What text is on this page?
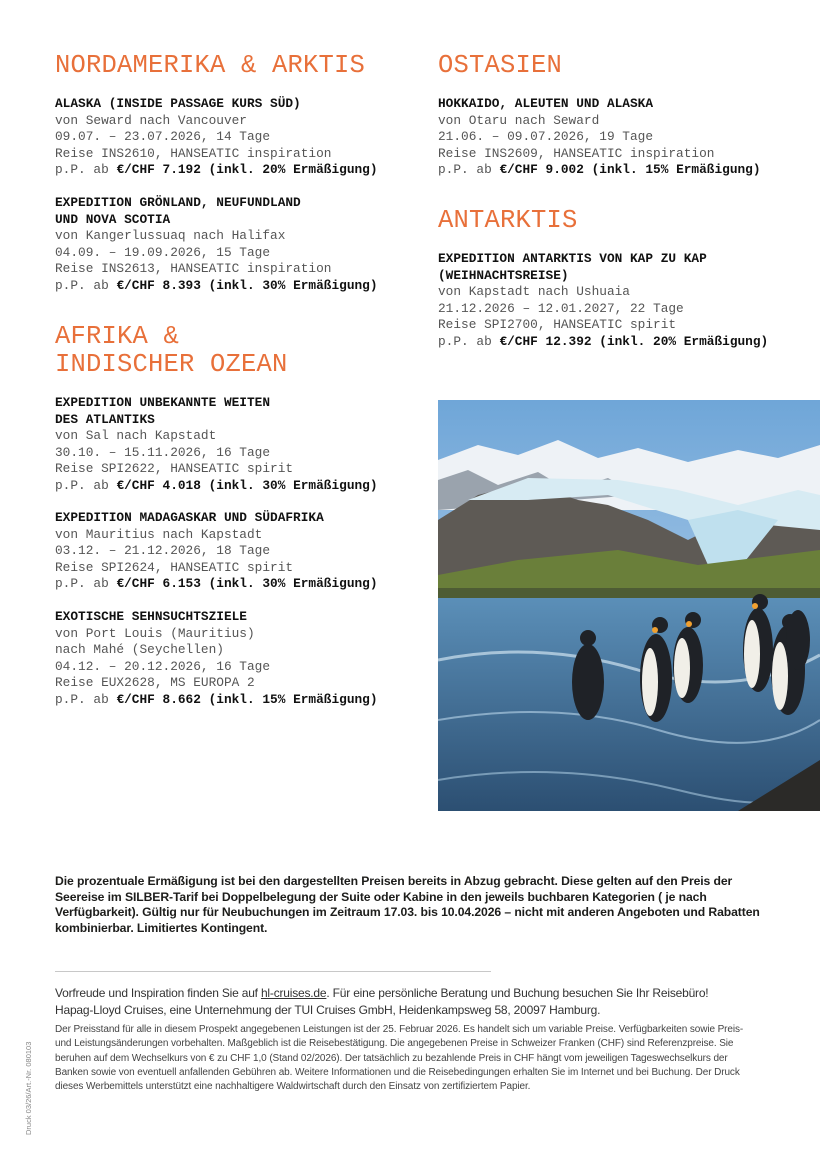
NORDAMERIKA & ARKTIS
AFRIKA &
INDISCHER OZEAN
OSTASIEN
ANTARKTIS
ALASKA (INSIDE PASSAGE KURS SÜD)
von Seward nach Vancouver
09.07. – 23.07.2026, 14 Tage
Reise INS2610, HANSEATIC inspiration
p.P. ab €/CHF 7.192 (inkl. 20% Ermäßigung)
EXPEDITION GRÖNLAND, NEUFUNDLAND
UND NOVA SCOTIA
von Kangerlussuaq nach Halifax
04.09. – 19.09.2026, 15 Tage
Reise INS2613, HANSEATIC inspiration
p.P. ab €/CHF 8.393 (inkl. 30% Ermäßigung)
EXPEDITION UNBEKANNTE WEITEN
DES ATLANTIKS
von Sal nach Kapstadt
30.10. – 15.11.2026, 16 Tage
Reise SPI2622, HANSEATIC spirit
p.P. ab €/CHF 4.018 (inkl. 30% Ermäßigung)
EXPEDITION MADAGASKAR UND SÜDAFRIKA
von Mauritius nach Kapstadt
03.12. – 21.12.2026, 18 Tage
Reise SPI2624, HANSEATIC spirit
p.P. ab €/CHF 6.153 (inkl. 30% Ermäßigung)
EXOTISCHE SEHNSUCHTSZIELE
von Port Louis (Mauritius)
nach Mahé (Seychellen)
04.12. – 20.12.2026, 16 Tage
Reise EUX2628, MS EUROPA 2
p.P. ab €/CHF 8.662 (inkl. 15% Ermäßigung)
HOKKAIDO, ALEUTEN UND ALASKA
von Otaru nach Seward
21.06. – 09.07.2026, 19 Tage
Reise INS2609, HANSEATIC inspiration
p.P. ab €/CHF 9.002 (inkl. 15% Ermäßigung)
EXPEDITION ANTARKTIS VON KAP ZU KAP
(WEIHNACHTSREISE)
von Kapstadt nach Ushuaia
21.12.2026 – 12.01.2027, 22 Tage
Reise SPI2700, HANSEATIC spirit
p.P. ab €/CHF 12.392 (inkl. 20% Ermäßigung)
Die prozentuale Ermäßigung ist bei den dargestellten Preisen bereits in Abzug gebracht. Diese gelten auf den Preis der Seereise im SILBER-Tarif bei Doppelbelegung der Suite oder Kabine in den jeweils buchbaren Kategorien ( je nach Verfügbarkeit). Gültig nur für Neubuchungen im Zeitraum 17.03. bis 10.04.2026 – nicht mit anderen Angeboten und Rabatten kombinierbar. Limitiertes Kontingent.
Vorfreude und Inspiration finden Sie auf hl-cruises.de. Für eine persönliche Beratung und Buchung besuchen Sie Ihr Reisebüro!
Hapag-Lloyd Cruises, eine Unternehmung der TUI Cruises GmbH, Heidenkampsweg 58, 20097 Hamburg.
Der Preisstand für alle in diesem Prospekt angegebenen Leistungen ist der 25. Februar 2026. Es handelt sich um variable Preise. Verfügbarkeiten sowie Preis- und Leistungsänderungen vorbehalten. Maßgeblich ist die Reisebestätigung. Die angegebenen Preise in Schweizer Franken (CHF) sind Referenzpreise. Sie beruhen auf dem Wechselkurs von € zu CHF 1,0 (Stand 02/2026). Der tatsächlich zu bezahlende Preis in CHF hängt vom jeweiligen Tageswechselkurs der Banken sowie von eventuell anfallenden Gebühren ab. Weitere Informationen und die Reisebedingungen erhalten Sie im Internet und bei Buchung. Der Druck dieses Werbemittels unterstützt eine nachhaltigere Waldwirtschaft durch den Einsatz von zertifiziertem Papier.
Druck 03/26/Art.-Nr. 080103
